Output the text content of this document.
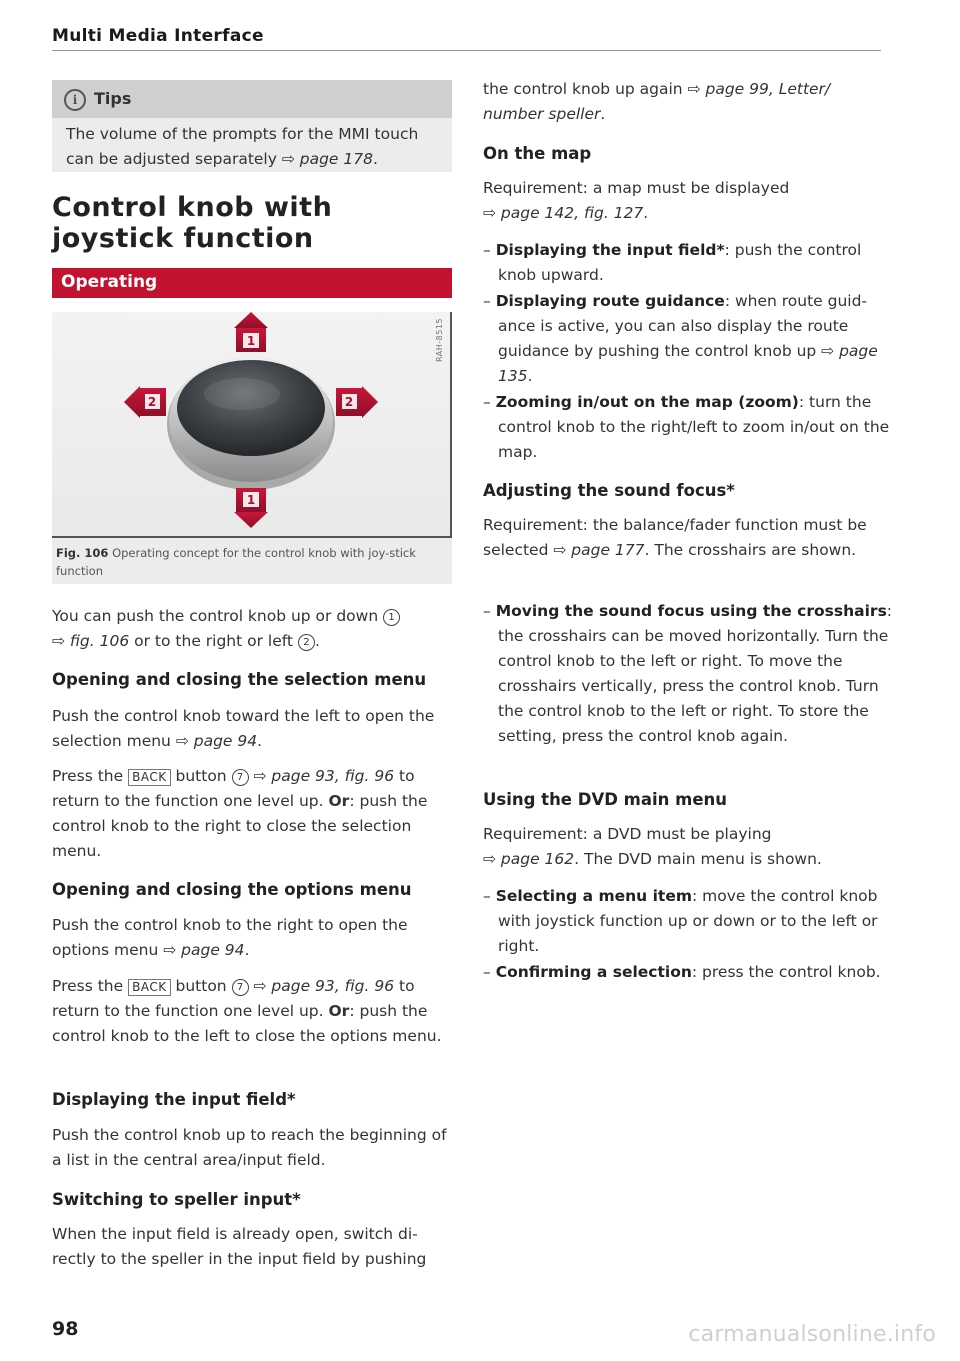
Multi Media Interface
i	Tips
The volume of the prompts for the MMI touch can be adjusted separately ⇨ page 178.
Control knob with joystick function
Operating
RAH-8515
1
1
2	2
Fig. 106 Operating concept for the control knob with joy-stick function
You can push the control knob up or down 1
⇨ fig. 106 or to the right or left 2 .
Opening and closing the selection menu
Push the control knob toward the left to open the selection menu ⇨ page 94.
Press the BACK button 7 ⇨ page 93, fig. 96 to return to the function one level up. Or: push the control knob to the right to close the selection menu.
Opening and closing the options menu
Push the control knob to the right to open the options menu ⇨ page 94.
Press the BACK button 7 ⇨ page 93, fig. 96 to return to the function one level up. Or: push the control knob to the left to close the options menu.
Displaying the input field*
Push the control knob up to reach the beginning of a list in the central area/input field.
Switching to speller input*
When the input field is already open, switch di-rectly to the speller in the input field by pushing
the control knob up again ⇨ page 99, Letter/ number speller.
On the map
Requirement: a map must be displayed
⇨ page 142, fig. 127.
– Displaying the input field*: push the control knob upward.
– Displaying route guidance: when route guid-ance is active, you can also display the route guidance by pushing the control knob up ⇨ page 135.
– Zooming in/out on the map (zoom): turn the control knob to the right/left to zoom in/out on the map.
Adjusting the sound focus*
Requirement: the balance/fader function must be selected ⇨ page 177. The crosshairs are shown.
– Moving the sound focus using the crosshairs: the crosshairs can be moved horizontally. Turn the control knob to the left or right. To move the crosshairs vertically, press the control knob. Turn the control knob to the left or right. To store the setting, press the control knob again.
Using the DVD main menu
Requirement: a DVD must be playing
⇨ page 162. The DVD main menu is shown.
– Selecting a menu item: move the control knob with joystick function up or down or to the left or right.
– Confirming a selection: press the control knob.
98	carmanualsonline.info
